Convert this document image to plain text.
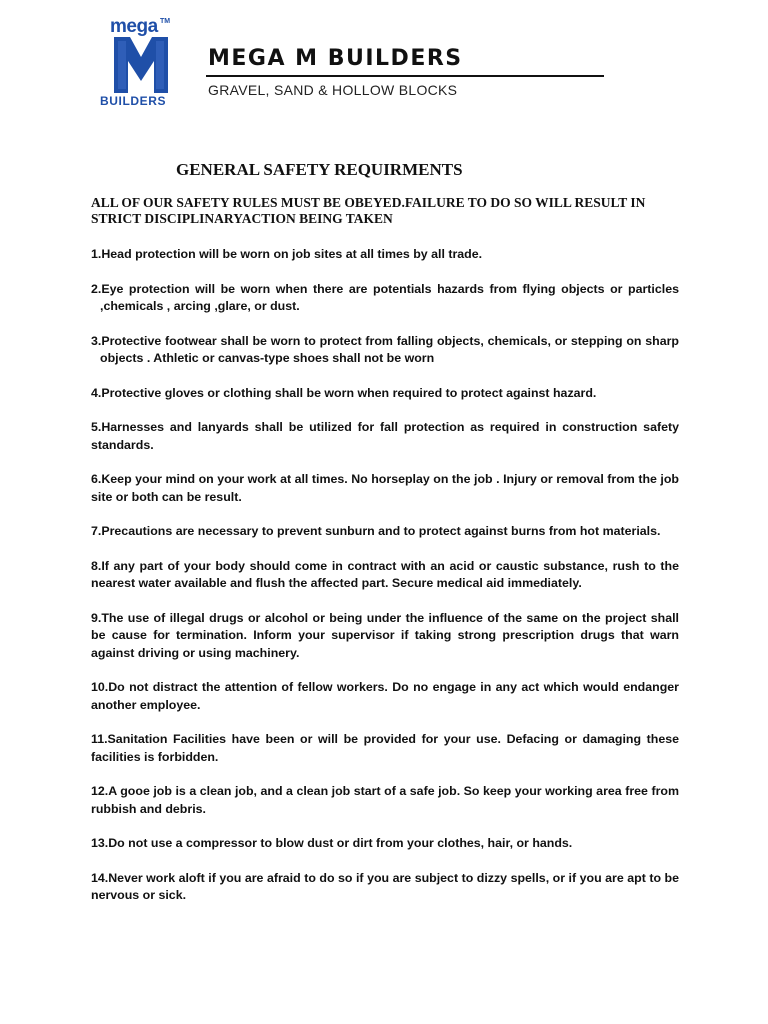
mega TM
BUILDERS
MEGA M BUILDERS
GRAVEL, SAND & HOLLOW BLOCKS
GENERAL SAFETY REQUIRMENTS

ALL OF OUR SAFETY RULES MUST BE OBEYED.FAILURE TO DO SO WILL RESULT IN STRICT DISCIPLINARYACTION BEING TAKEN

1.Head protection will be worn on job sites at all times by all trade.
2.Eye protection will be worn when there are potentials hazards from flying objects or particles ,chemicals , arcing ,glare, or dust.
3.Protective footwear shall be worn to protect from falling objects, chemicals, or stepping on sharp objects . Athletic or canvas-type shoes shall not be worn
4.Protective gloves or clothing shall be worn when required to protect against hazard.
5.Harnesses and lanyards shall be utilized for fall protection as required in construction safety standards.
6.Keep your mind on your work at all times. No horseplay on the job . Injury or removal from the job site or both can be result.
7.Precautions are necessary to prevent sunburn and to protect against burns from hot materials.
8.If any part of your body should come in contract with an acid or caustic substance, rush to the nearest water available and flush the affected part. Secure medical aid immediately.
9.The use of illegal drugs or alcohol or being under the influence of the same on the project shall be cause for termination. Inform your supervisor if taking strong prescription drugs that warn against driving or using machinery.
10.Do not distract the attention of fellow workers. Do no engage in any act which would endanger another employee.
11.Sanitation Facilities have been or will be provided for your use. Defacing or damaging these facilities is forbidden.
12.A gooe job is a clean job, and a clean job start of a safe job. So keep your working area free from rubbish and debris.
13.Do not use a compressor to blow dust or dirt from your clothes, hair, or hands.
14.Never work aloft if you are afraid to do so if you are subject to dizzy spells, or if you are apt to be nervous or sick.
